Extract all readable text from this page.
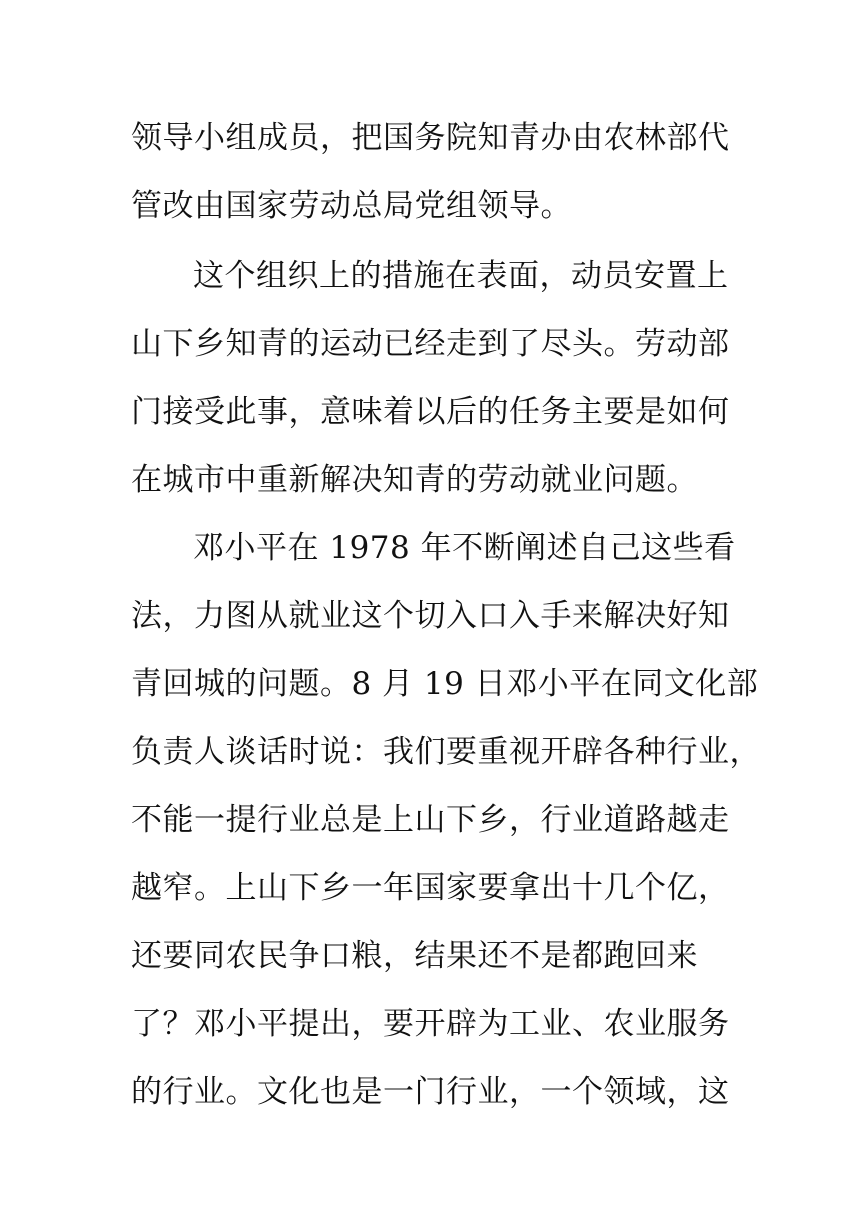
领导小组成员，把国务院知青办由农林部代
管改由国家劳动总局党组领导。
这个组织上的措施在表面，动员安置上
山下乡知青的运动已经走到了尽头。劳动部
门接受此事，意味着以后的任务主要是如何
在城市中重新解决知青的劳动就业问题。
邓小平在 1978 年不断阐述自己这些看
法，力图从就业这个切入口入手来解决好知
青回城的问题。8 月 19 日邓小平在同文化部
负责人谈话时说：我们要重视开辟各种行业，
不能一提行业总是上山下乡，行业道路越走
越窄。上山下乡一年国家要拿出十几个亿，
还要同农民争口粮，结果还不是都跑回来
了？邓小平提出，要开辟为工业、农业服务
的行业。文化也是一门行业，一个领域，这
